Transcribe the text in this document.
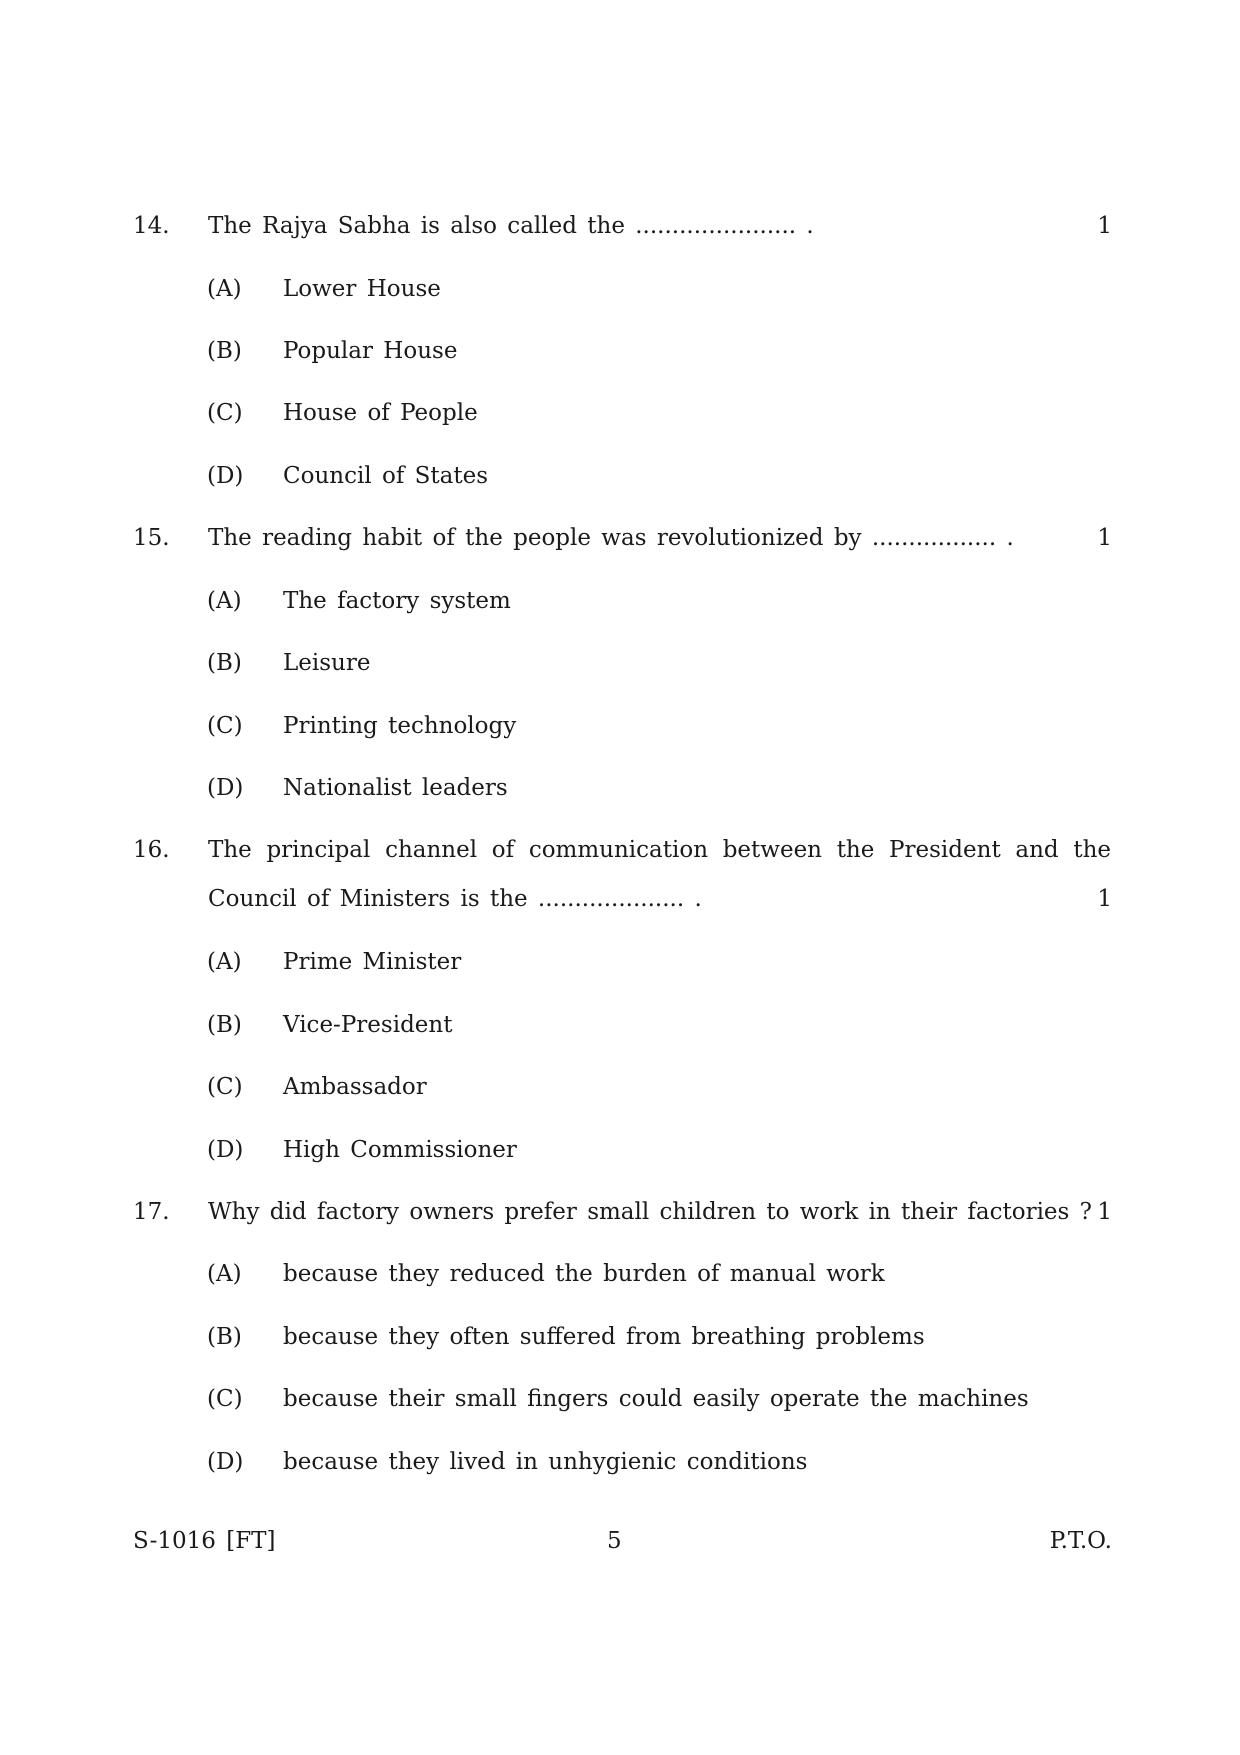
14. The Rajya Sabha is also called the ...................... .	1
(A) Lower House
(B) Popular House
(C) House of People
(D) Council of States
15. The reading habit of the people was revolutionized by ................. .	1
(A) The factory system
(B) Leisure
(C) Printing technology
(D) Nationalist leaders
16. The principal channel of communication between the President and the
Council of Ministers is the .................... .	1
(A) Prime Minister
(B) Vice-President
(C) Ambassador
(D) High Commissioner
17. Why did factory owners prefer small children to work in their factories ? 1
(A) because they reduced the burden of manual work
(B) because they often suffered from breathing problems
(C) because their small fingers could easily operate the machines
(D) because they lived in unhygienic conditions
S-1016 [FT]	5	P.T.O.
